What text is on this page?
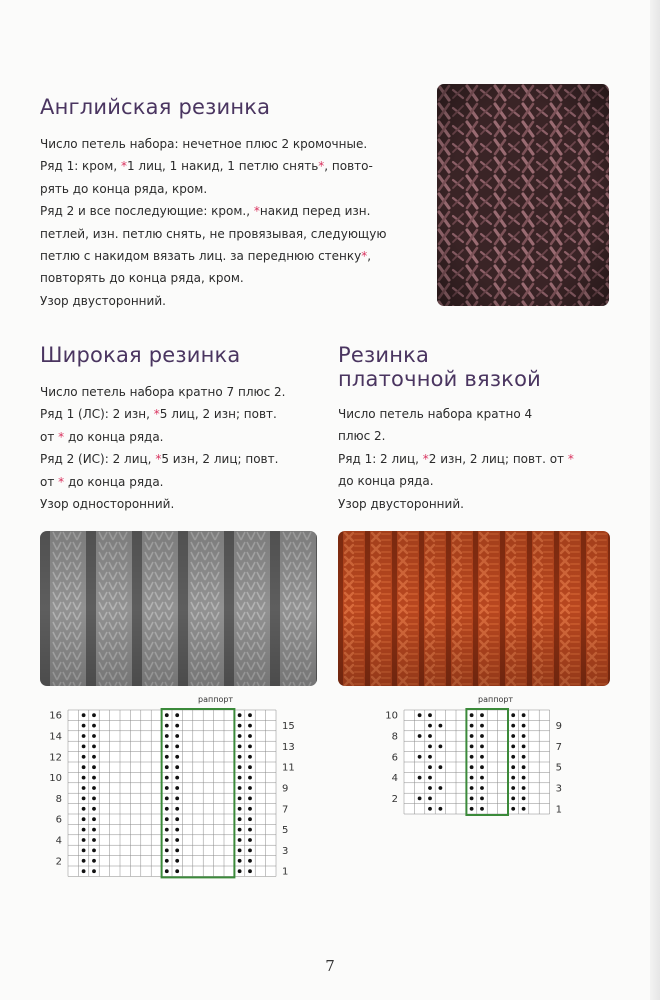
Английская резинка

Число петель набора: нечетное плюс 2 кромочные.

Ряд 1: кром, *1 лиц, 1 накид, 1 петлю снять*, повто-

рять до конца ряда, кром.

Ряд 2 и все последующие: кром., *накид перед изн.

петлей, изн. петлю снять, не провязывая, следующую

петлю с накидом вязать лиц. за переднюю стенку*,

повторять до конца ряда, кром.

Узор двусторонний.

Широкая резинка

Число петель набора кратно 7 плюс 2.

Ряд 1 (ЛС): 2 изн, *5 лиц, 2 изн; повт.

от * до конца ряда.

Ряд 2 (ИС): 2 лиц, *5 изн, 2 лиц; повт.

от * до конца ряда.

Узор односторонний.

Резинка
платочной вязкой

Число петель набора кратно 4

плюс 2.

Ряд 1: 2 лиц, *2 изн, 2 лиц; повт. от *

до конца ряда.

Узор двусторонний.

раппорт
16
14
12
10
8
6
4
2
15
13
11
9
7
5
3
1
раппорт
10
8
6
4
2
9
7
5
3
1
7
